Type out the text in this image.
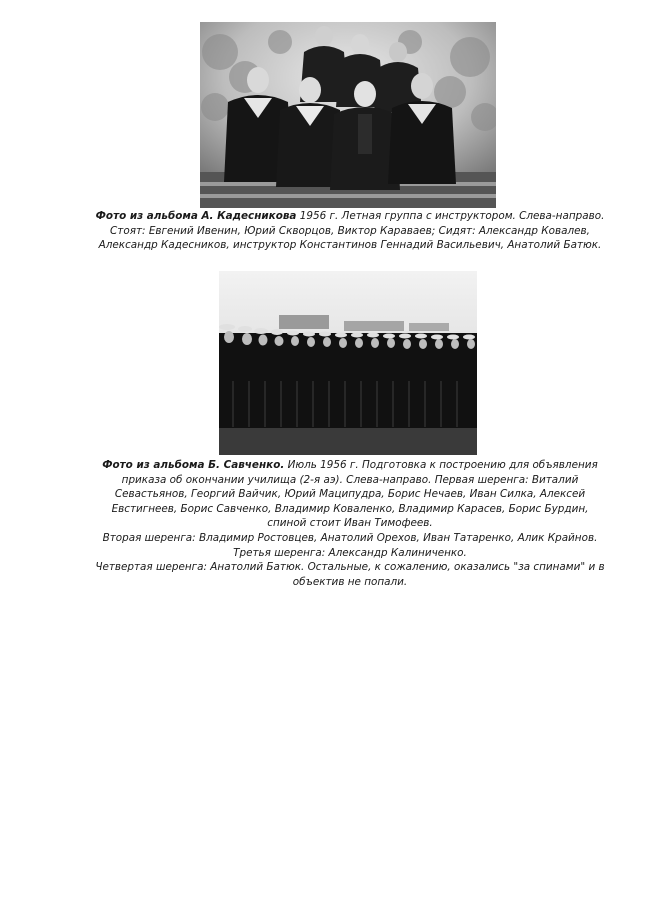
Фото из альбома А. Кадесникова 1956 г. Летная группа с инструктором. Слева-направо.
Стоят: Евгений Ивенин, Юрий Скворцов, Виктор Караваев; Сидят: Александр Ковалев,
Александр Кадесников, инструктор Константинов Геннадий Васильевич, Анатолий Батюк.
Фото из альбома Б. Савченко. Июль 1956 г. Подготовка к построению для объявления
приказа об окончании училища (2-я аэ). Слева-направо. Первая шеренга: Виталий
Севастьянов, Георгий Вайчик, Юрий Маципудра, Борис Нечаев, Иван Силка, Алексей
Евстигнеев, Борис Савченко, Владимир Коваленко, Владимир Карасев, Борис Бурдин,
спиной стоит Иван Тимофеев.
Вторая шеренга: Владимир Ростовцев, Анатолий Орехов, Иван Татаренко, Алик Крайнов.
Третья шеренга: Александр Калиниченко.
Четвертая шеренга: Анатолий Батюк. Остальные, к сожалению, оказались "за спинами" и в
объектив не попали.
